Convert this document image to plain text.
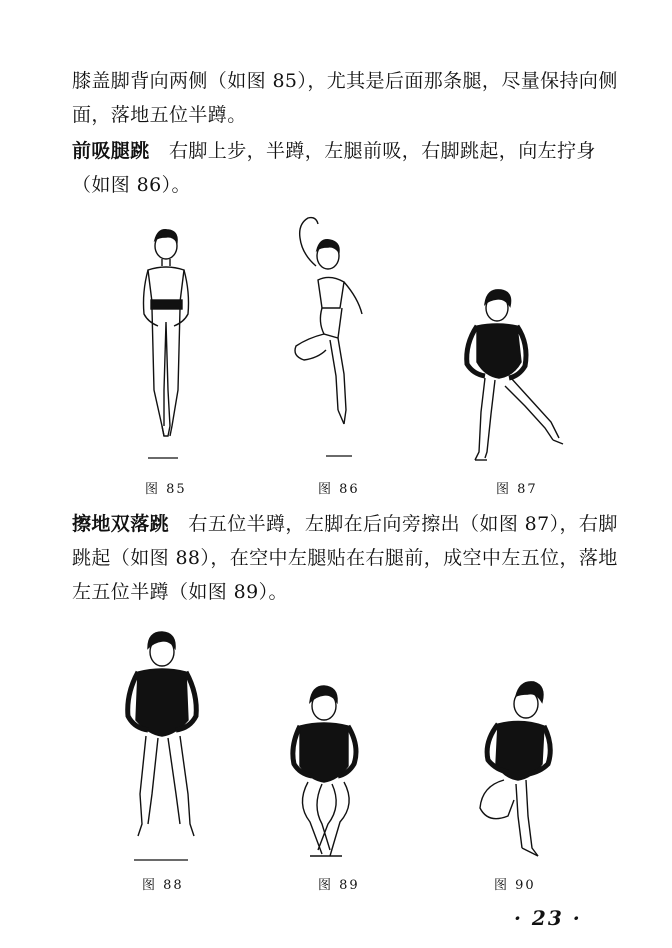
膝盖脚背向两侧（如图 85），尤其是后面那条腿，尽量保持向侧面，落地五位半蹲。

前吸腿跳　右脚上步，半蹲，左腿前吸，右脚跳起，向左拧身（如图 86）。

图 85	图 86	图 87

擦地双落跳　右五位半蹲，左脚在后向旁擦出（如图 87），右脚跳起（如图 88），在空中左腿贴在右腿前，成空中左五位，落地左五位半蹲（如图 89）。

图 88	图 89	图 90
· 23 ·
